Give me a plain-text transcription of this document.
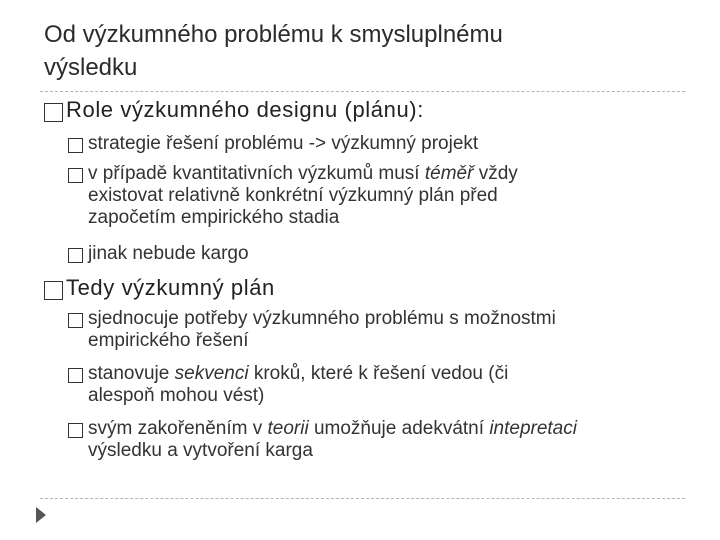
Od výzkumného problému k smysluplnému
výsledku
Role výzkumného designu (plánu):
strategie řešení problému -> výzkumný projekt
v případě kvantitativních výzkumů musí téměř vždy
existovat relativně konkrétní výzkumný plán před
započetím empirického stadia
jinak nebude kargo
Tedy výzkumný plán
sjednocuje potřeby výzkumného problému s možnostmi
empirického řešení
stanovuje sekvenci kroků, které k řešení vedou (či
alespoň mohou vést)
svým zakořeněním v teorii umožňuje adekvátní intepretaci
výsledku a vytvoření karga
